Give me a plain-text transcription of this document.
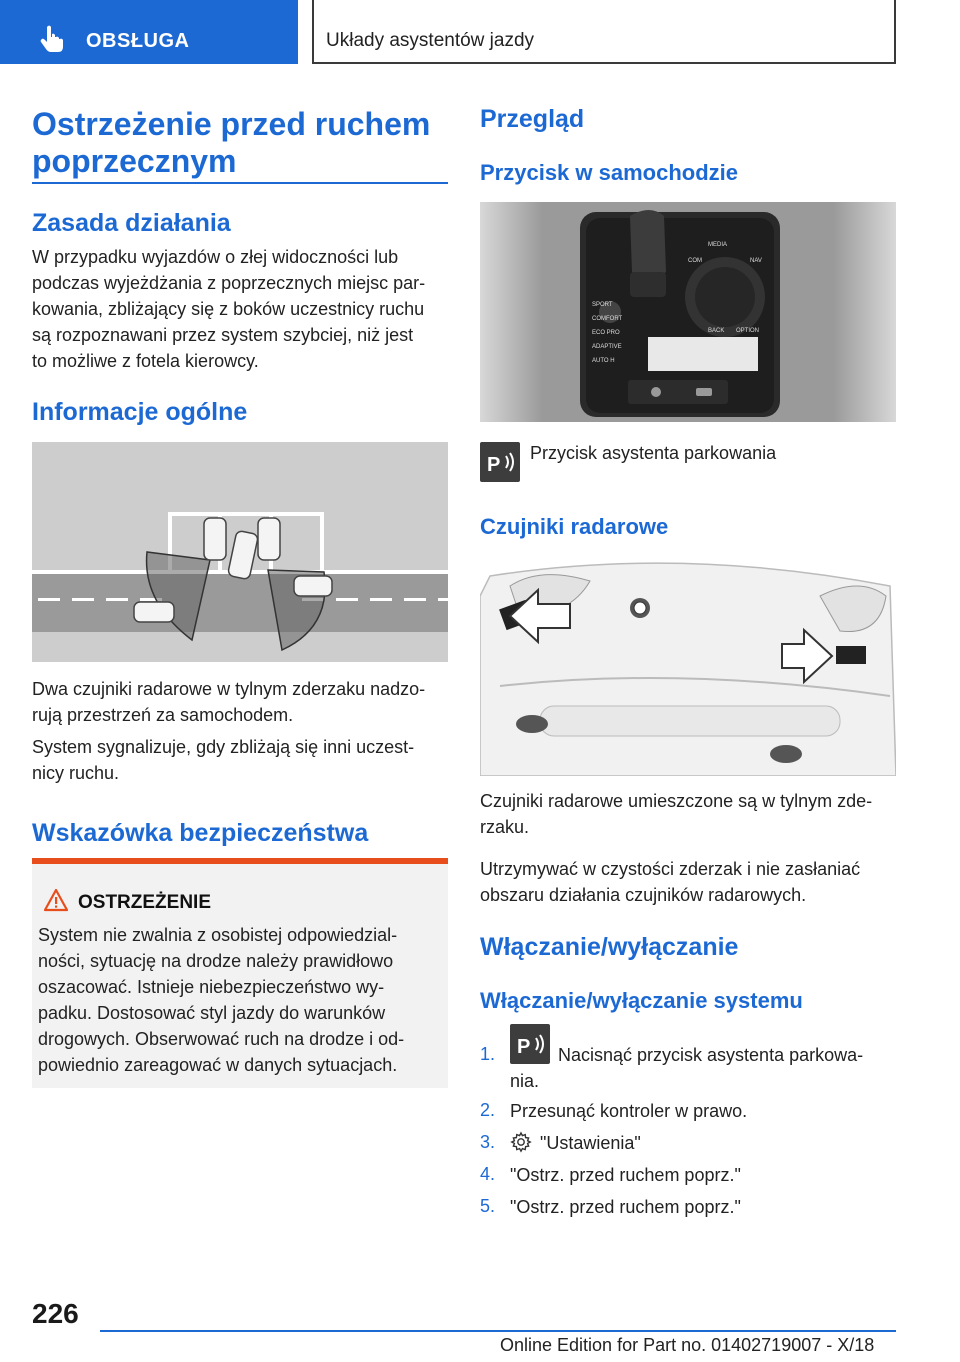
OBSŁUGA	Układy asystentów jazdy
Ostrzeżenie przed ruchem
poprzecznym
Zasada działania
W przypadku wyjazdów o złej widoczności lub
podczas wyjeżdżania z poprzecznych miejsc par-
kowania, zbliżający się z boków uczestnicy ruchu
są rozpoznawani przez system szybciej, niż jest
to możliwe z fotela kierowcy.
Informacje ogólne
Dwa czujniki radarowe w tylnym zderzaku nadzo-
rują przestrzeń za samochodem.
System sygnalizuje, gdy zbliżają się inni uczest-
nicy ruchu.
Wskazówka bezpieczeństwa
OSTRZEŻENIE
System nie zwalnia z osobistej odpowiedzial-
ności, sytuację na drodze należy prawidłowo
oszacować. Istnieje niebezpieczeństwo wy-
padku. Dostosować styl jazdy do warunków
drogowych. Obserwować ruch na drodze i od-
powiednio zareagować w danych sytuacjach.
Przegląd
Przycisk w samochodzie
SPORT
COMFORT
ECO PRO
ADAPTIVE
AUTO H
MEDIA
COM	NAV
BACK OPTION
P
Przycisk asystenta parkowania
Czujniki radarowe
Czujniki radarowe umieszczone są w tylnym zde-
rzaku.
Utrzymywać w czystości zderzak i nie zasłaniać
obszaru działania czujników radarowych.
Włączanie/wyłączanie
Włączanie/wyłączanie systemu
1. P Nacisnąć przycisk asystenta parkowa-
nia.
2. Przesunąć kontroler w prawo.
3. "Ustawienia"
4. "Ostrz. przed ruchem poprz."
5. "Ostrz. przed ruchem poprz."
226
Online Edition for Part no. 01402719007 - X/18
